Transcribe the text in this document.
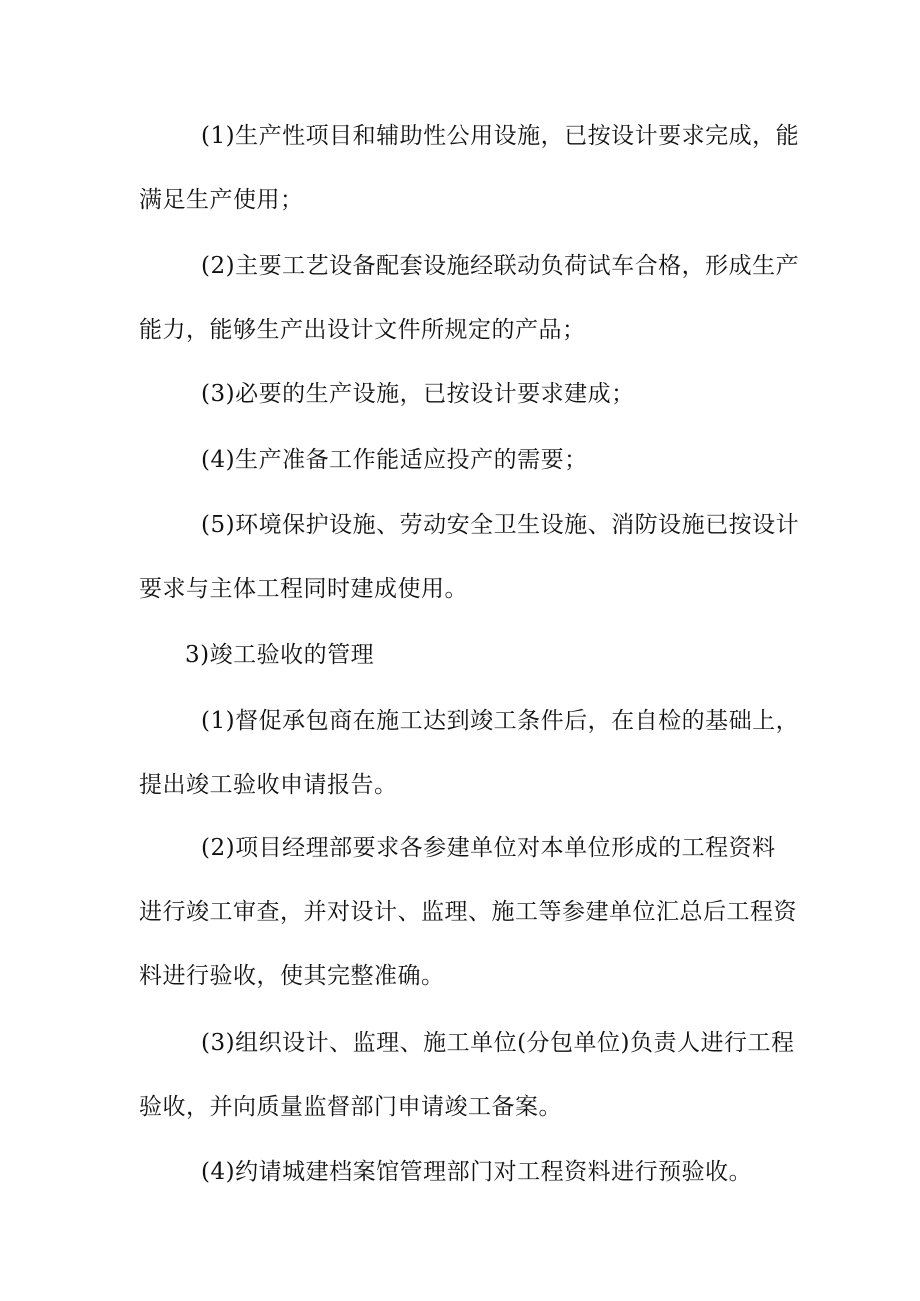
(1)生产性项目和辅助性公用设施，已按设计要求完成，能
满足生产使用；

(2)主要工艺设备配套设施经联动负荷试车合格，形成生产
能力，能够生产出设计文件所规定的产品；

(3)必要的生产设施，已按设计要求建成；

(4)生产准备工作能适应投产的需要；

(5)环境保护设施、劳动安全卫生设施、消防设施已按设计
要求与主体工程同时建成使用。

3)竣工验收的管理

(1)督促承包商在施工达到竣工条件后，在自检的基础上，
提出竣工验收申请报告。

(2)项目经理部要求各参建单位对本单位形成的工程资料
进行竣工审查，并对设计、监理、施工等参建单位汇总后工程资
料进行验收，使其完整准确。

(3)组织设计、监理、施工单位(分包单位)负责人进行工程
验收，并向质量监督部门申请竣工备案。

(4)约请城建档案馆管理部门对工程资料进行预验收。
